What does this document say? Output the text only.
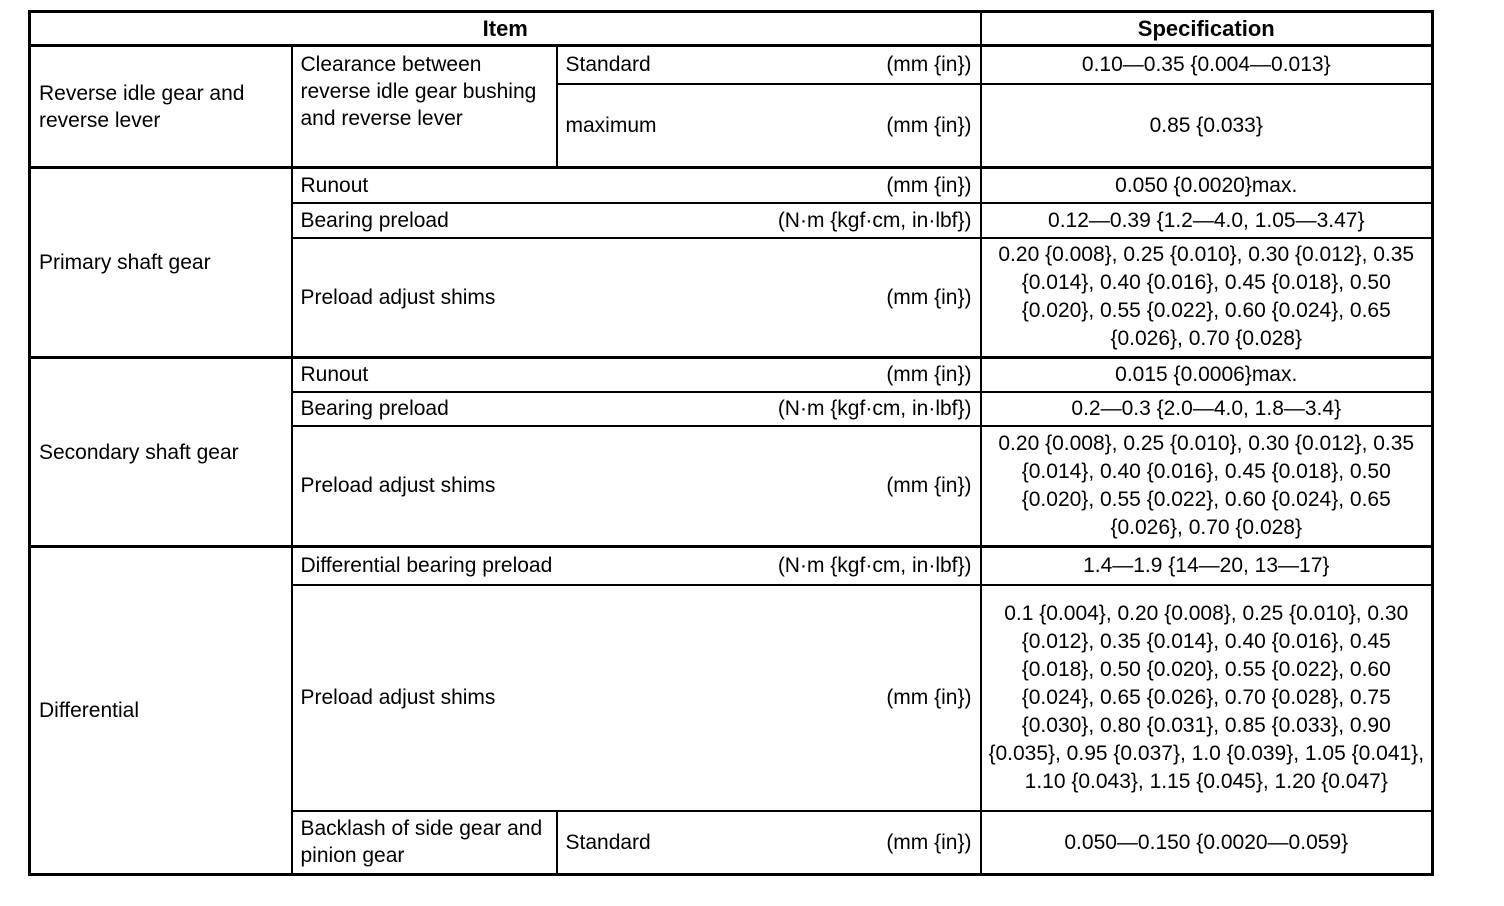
Item			Specification
Reverse idle gear and reverse lever	Clearance between reverse idle gear bushing and reverse lever	Standard (mm {in})	0.10—0.35 {0.004—0.013}

		maximum (mm {in})	0.85 {0.033}
Primary shaft gear	Runout (mm {in})		0.050 {0.0020}max.

	Bearing preload (N·m {kgf·cm, in·lbf})		0.12—0.39 {1.2—4.0, 1.05—3.47}

	Preload adjust shims (mm {in})		0.20 {0.008}, 0.25 {0.010}, 0.30 {0.012}, 0.35 {0.014}, 0.40 {0.016}, 0.45 {0.018}, 0.50 {0.020}, 0.55 {0.022}, 0.60 {0.024}, 0.65 {0.026}, 0.70 {0.028}
Secondary shaft gear	Runout (mm {in})		0.015 {0.0006}max.

	Bearing preload (N·m {kgf·cm, in·lbf})		0.2—0.3 {2.0—4.0, 1.8—3.4}

	Preload adjust shims (mm {in})		0.20 {0.008}, 0.25 {0.010}, 0.30 {0.012}, 0.35 {0.014}, 0.40 {0.016}, 0.45 {0.018}, 0.50 {0.020}, 0.55 {0.022}, 0.60 {0.024}, 0.65 {0.026}, 0.70 {0.028}
Differential	Differential bearing preload (N·m {kgf·cm, in·lbf})		1.4—1.9 {14—20, 13—17}

	Preload adjust shims (mm {in})		0.1 {0.004}, 0.20 {0.008}, 0.25 {0.010}, 0.30 {0.012}, 0.35 {0.014}, 0.40 {0.016}, 0.45 {0.018}, 0.50 {0.020}, 0.55 {0.022}, 0.60 {0.024}, 0.65 {0.026}, 0.70 {0.028}, 0.75 {0.030}, 0.80 {0.031}, 0.85 {0.033}, 0.90 {0.035}, 0.95 {0.037}, 1.0 {0.039}, 1.05 {0.041}, 1.10 {0.043}, 1.15 {0.045}, 1.20 {0.047}
	Backlash of side gear and pinion gear	Standard (mm {in})	0.050—0.150 {0.0020—0.059}
